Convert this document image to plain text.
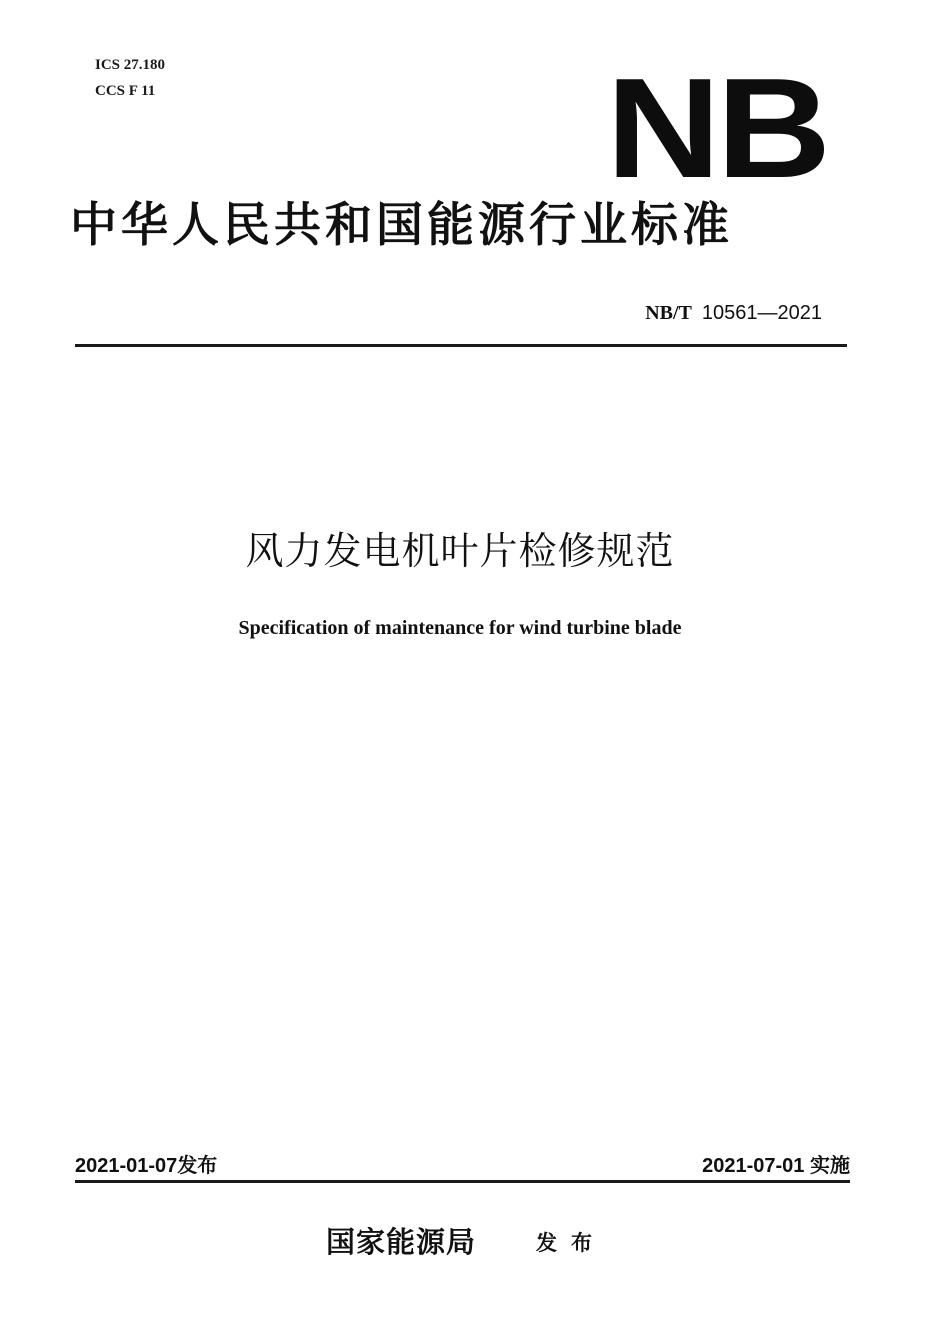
ICS 27.180
CCS F 11	NB
中华人民共和国能源行业标准
NB/T 10561—2021
风力发电机叶片检修规范
Specification of maintenance for wind turbine blade
2021-01-07发布	2021-07-01 实施
国家能源局	发布
